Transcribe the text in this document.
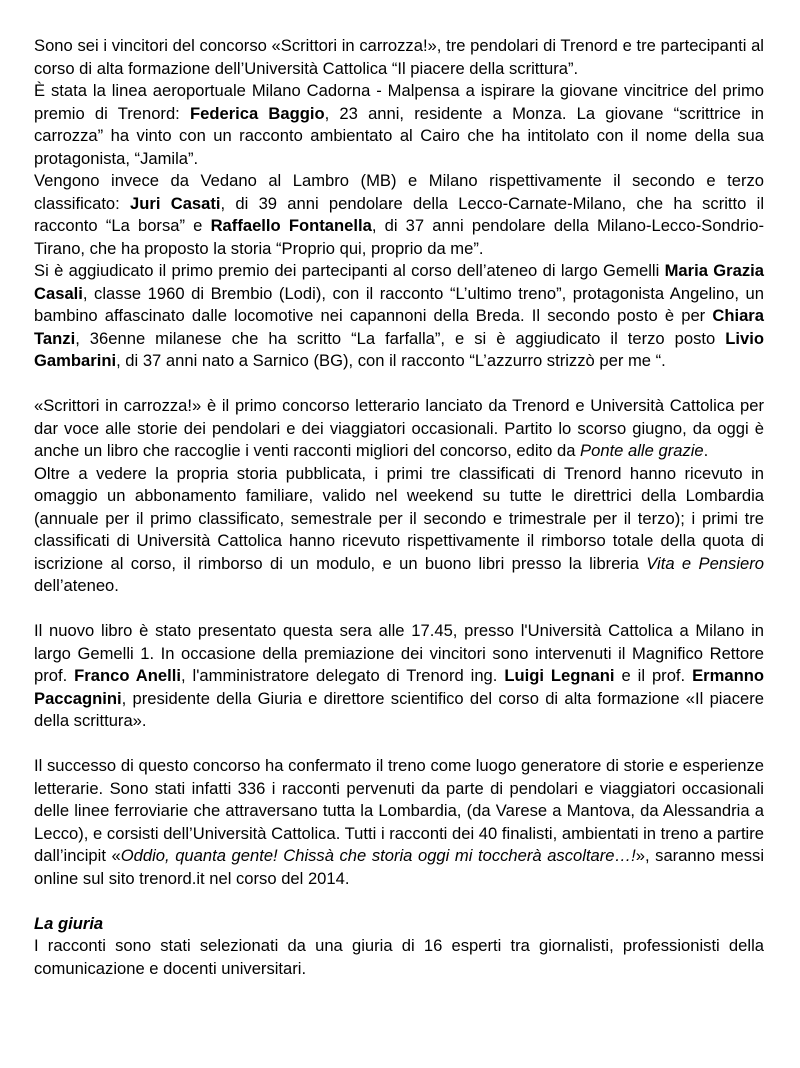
Sono sei i vincitori del concorso «Scrittori in carrozza!», tre pendolari di Trenord e tre partecipanti al corso di alta formazione dell’Università Cattolica “Il piacere della scrittura”.

È stata la linea aeroportuale Milano Cadorna - Malpensa a ispirare la giovane vincitrice del primo premio di Trenord: Federica Baggio, 23 anni, residente a Monza. La giovane “scrittrice in carrozza” ha vinto con un racconto ambientato al Cairo che ha intitolato con il nome della sua protagonista, “Jamila”.

Vengono invece da Vedano al Lambro (MB) e Milano rispettivamente il secondo e terzo classificato: Juri Casati, di 39 anni pendolare della Lecco-Carnate-Milano, che ha scritto il racconto “La borsa” e Raffaello Fontanella, di 37 anni pendolare della Milano-Lecco-Sondrio-Tirano, che ha proposto la storia “Proprio qui, proprio da me”.

Si è aggiudicato il primo premio dei partecipanti al corso dell’ateneo di largo Gemelli Maria Grazia Casali, classe 1960 di Brembio (Lodi), con il racconto “L’ultimo treno”, protagonista Angelino, un bambino affascinato dalle locomotive nei capannoni della Breda. Il secondo posto è per Chiara Tanzi, 36enne milanese che ha scritto “La farfalla”, e si è aggiudicato il terzo posto Livio Gambarini, di 37 anni nato a Sarnico (BG), con il racconto “L’azzurro strizzò per me “.

«Scrittori in carrozza!» è il primo concorso letterario lanciato da Trenord e Università Cattolica per dar voce alle storie dei pendolari e dei viaggiatori occasionali. Partito lo scorso giugno, da oggi è anche un libro che raccoglie i venti racconti migliori del concorso, edito da Ponte alle grazie.

Oltre a vedere la propria storia pubblicata, i primi tre classificati di Trenord hanno ricevuto in omaggio un abbonamento familiare, valido nel weekend su tutte le direttrici della Lombardia (annuale per il primo classificato, semestrale per il secondo e trimestrale per il terzo); i primi tre classificati di Università Cattolica hanno ricevuto rispettivamente il rimborso totale della quota di iscrizione al corso, il rimborso di un modulo, e un buono libri presso la libreria Vita e Pensiero dell’ateneo.

Il nuovo libro è stato presentato questa sera alle 17.45, presso l'Università Cattolica a Milano in largo Gemelli 1. In occasione della premiazione dei vincitori sono intervenuti il Magnifico Rettore prof. Franco Anelli, l'amministratore delegato di Trenord ing. Luigi Legnani e il prof. Ermanno Paccagnini, presidente della Giuria e direttore scientifico del corso di alta formazione «Il piacere della scrittura».

Il successo di questo concorso ha confermato il treno come luogo generatore di storie e esperienze letterarie. Sono stati infatti 336 i racconti pervenuti da parte di pendolari e viaggiatori occasionali delle linee ferroviarie che attraversano tutta la Lombardia, (da Varese a Mantova, da Alessandria a Lecco), e corsisti dell’Università Cattolica. Tutti i racconti dei 40 finalisti, ambientati in treno a partire dall’incipit «Oddio, quanta gente! Chissà che storia oggi mi toccherà ascoltare…!», saranno messi online sul sito trenord.it nel corso del 2014.

La giuria

I racconti sono stati selezionati da una giuria di 16 esperti tra giornalisti, professionisti della comunicazione e docenti universitari.
